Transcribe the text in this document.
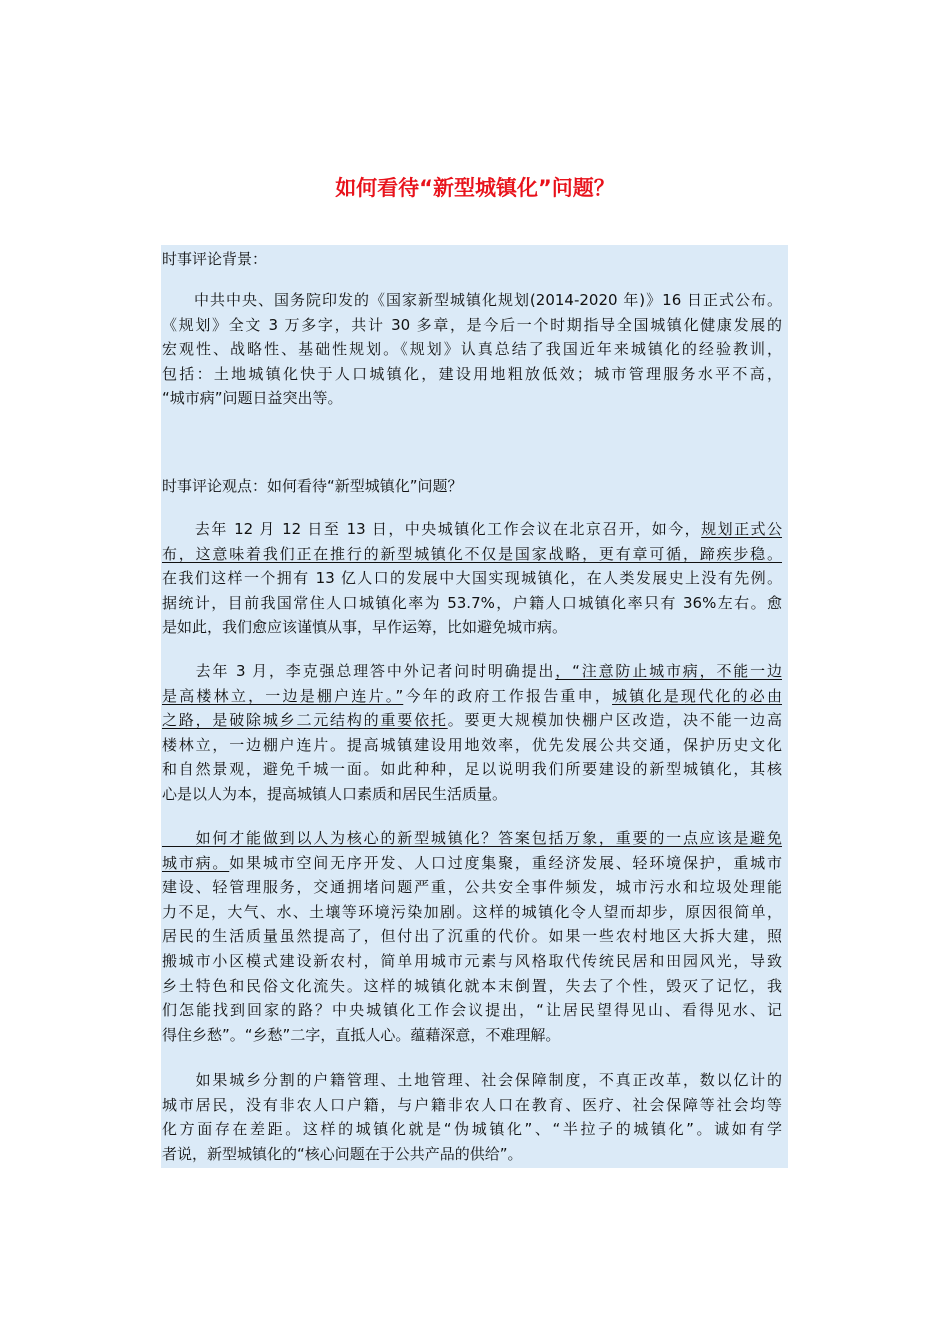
如何看待“新型城镇化”问题？
时事评论背景：
　　中共中央、国务院印发的《国家新型城镇化规划(2014-2020 年)》16 日正式公布。
《规划》全文 3 万多字，共计 30 多章，是今后一个时期指导全国城镇化健康发展的
宏观性、战略性、基础性规划。《规划》认真总结了我国近年来城镇化的经验教训，
包括：土地城镇化快于人口城镇化，建设用地粗放低效；城市管理服务水平不高，
“城市病”问题日益突出等。
时事评论观点：如何看待“新型城镇化”问题？
　　去年 12 月 12 日至 13 日，中央城镇化工作会议在北京召开，如今，规划正式公
布，这意味着我们正在推行的新型城镇化不仅是国家战略，更有章可循，蹄疾步稳。
在我们这样一个拥有 13 亿人口的发展中大国实现城镇化，在人类发展史上没有先例。
据统计，目前我国常住人口城镇化率为 53.7%，户籍人口城镇化率只有 36%左右。愈
是如此，我们愈应该谨慎从事，早作运筹，比如避免城市病。
　　去年 3 月，李克强总理答中外记者问时明确提出，“注意防止城市病，不能一边
是高楼林立，一边是棚户连片。”今年的政府工作报告重申，城镇化是现代化的必由
之路，是破除城乡二元结构的重要依托。要更大规模加快棚户区改造，决不能一边高
楼林立，一边棚户连片。提高城镇建设用地效率，优先发展公共交通，保护历史文化
和自然景观，避免千城一面。如此种种，足以说明我们所要建设的新型城镇化，其核
心是以人为本，提高城镇人口素质和居民生活质量。
　　如何才能做到以人为核心的新型城镇化？答案包括万象，重要的一点应该是避免
城市病。如果城市空间无序开发、人口过度集聚，重经济发展、轻环境保护，重城市
建设、轻管理服务，交通拥堵问题严重，公共安全事件频发，城市污水和垃圾处理能
力不足，大气、水、土壤等环境污染加剧。这样的城镇化令人望而却步，原因很简单，
居民的生活质量虽然提高了，但付出了沉重的代价。如果一些农村地区大拆大建，照
搬城市小区模式建设新农村，简单用城市元素与风格取代传统民居和田园风光，导致
乡土特色和民俗文化流失。这样的城镇化就本末倒置，失去了个性，毁灭了记忆，我
们怎能找到回家的路？中央城镇化工作会议提出，“让居民望得见山、看得见水、记
得住乡愁”。“乡愁”二字，直抵人心。蕴藉深意，不难理解。
　　如果城乡分割的户籍管理、土地管理、社会保障制度，不真正改革，数以亿计的
城市居民，没有非农人口户籍，与户籍非农人口在教育、医疗、社会保障等社会均等
化方面存在差距。这样的城镇化就是“伪城镇化”、“半拉子的城镇化”。诚如有学
者说，新型城镇化的“核心问题在于公共产品的供给”。
